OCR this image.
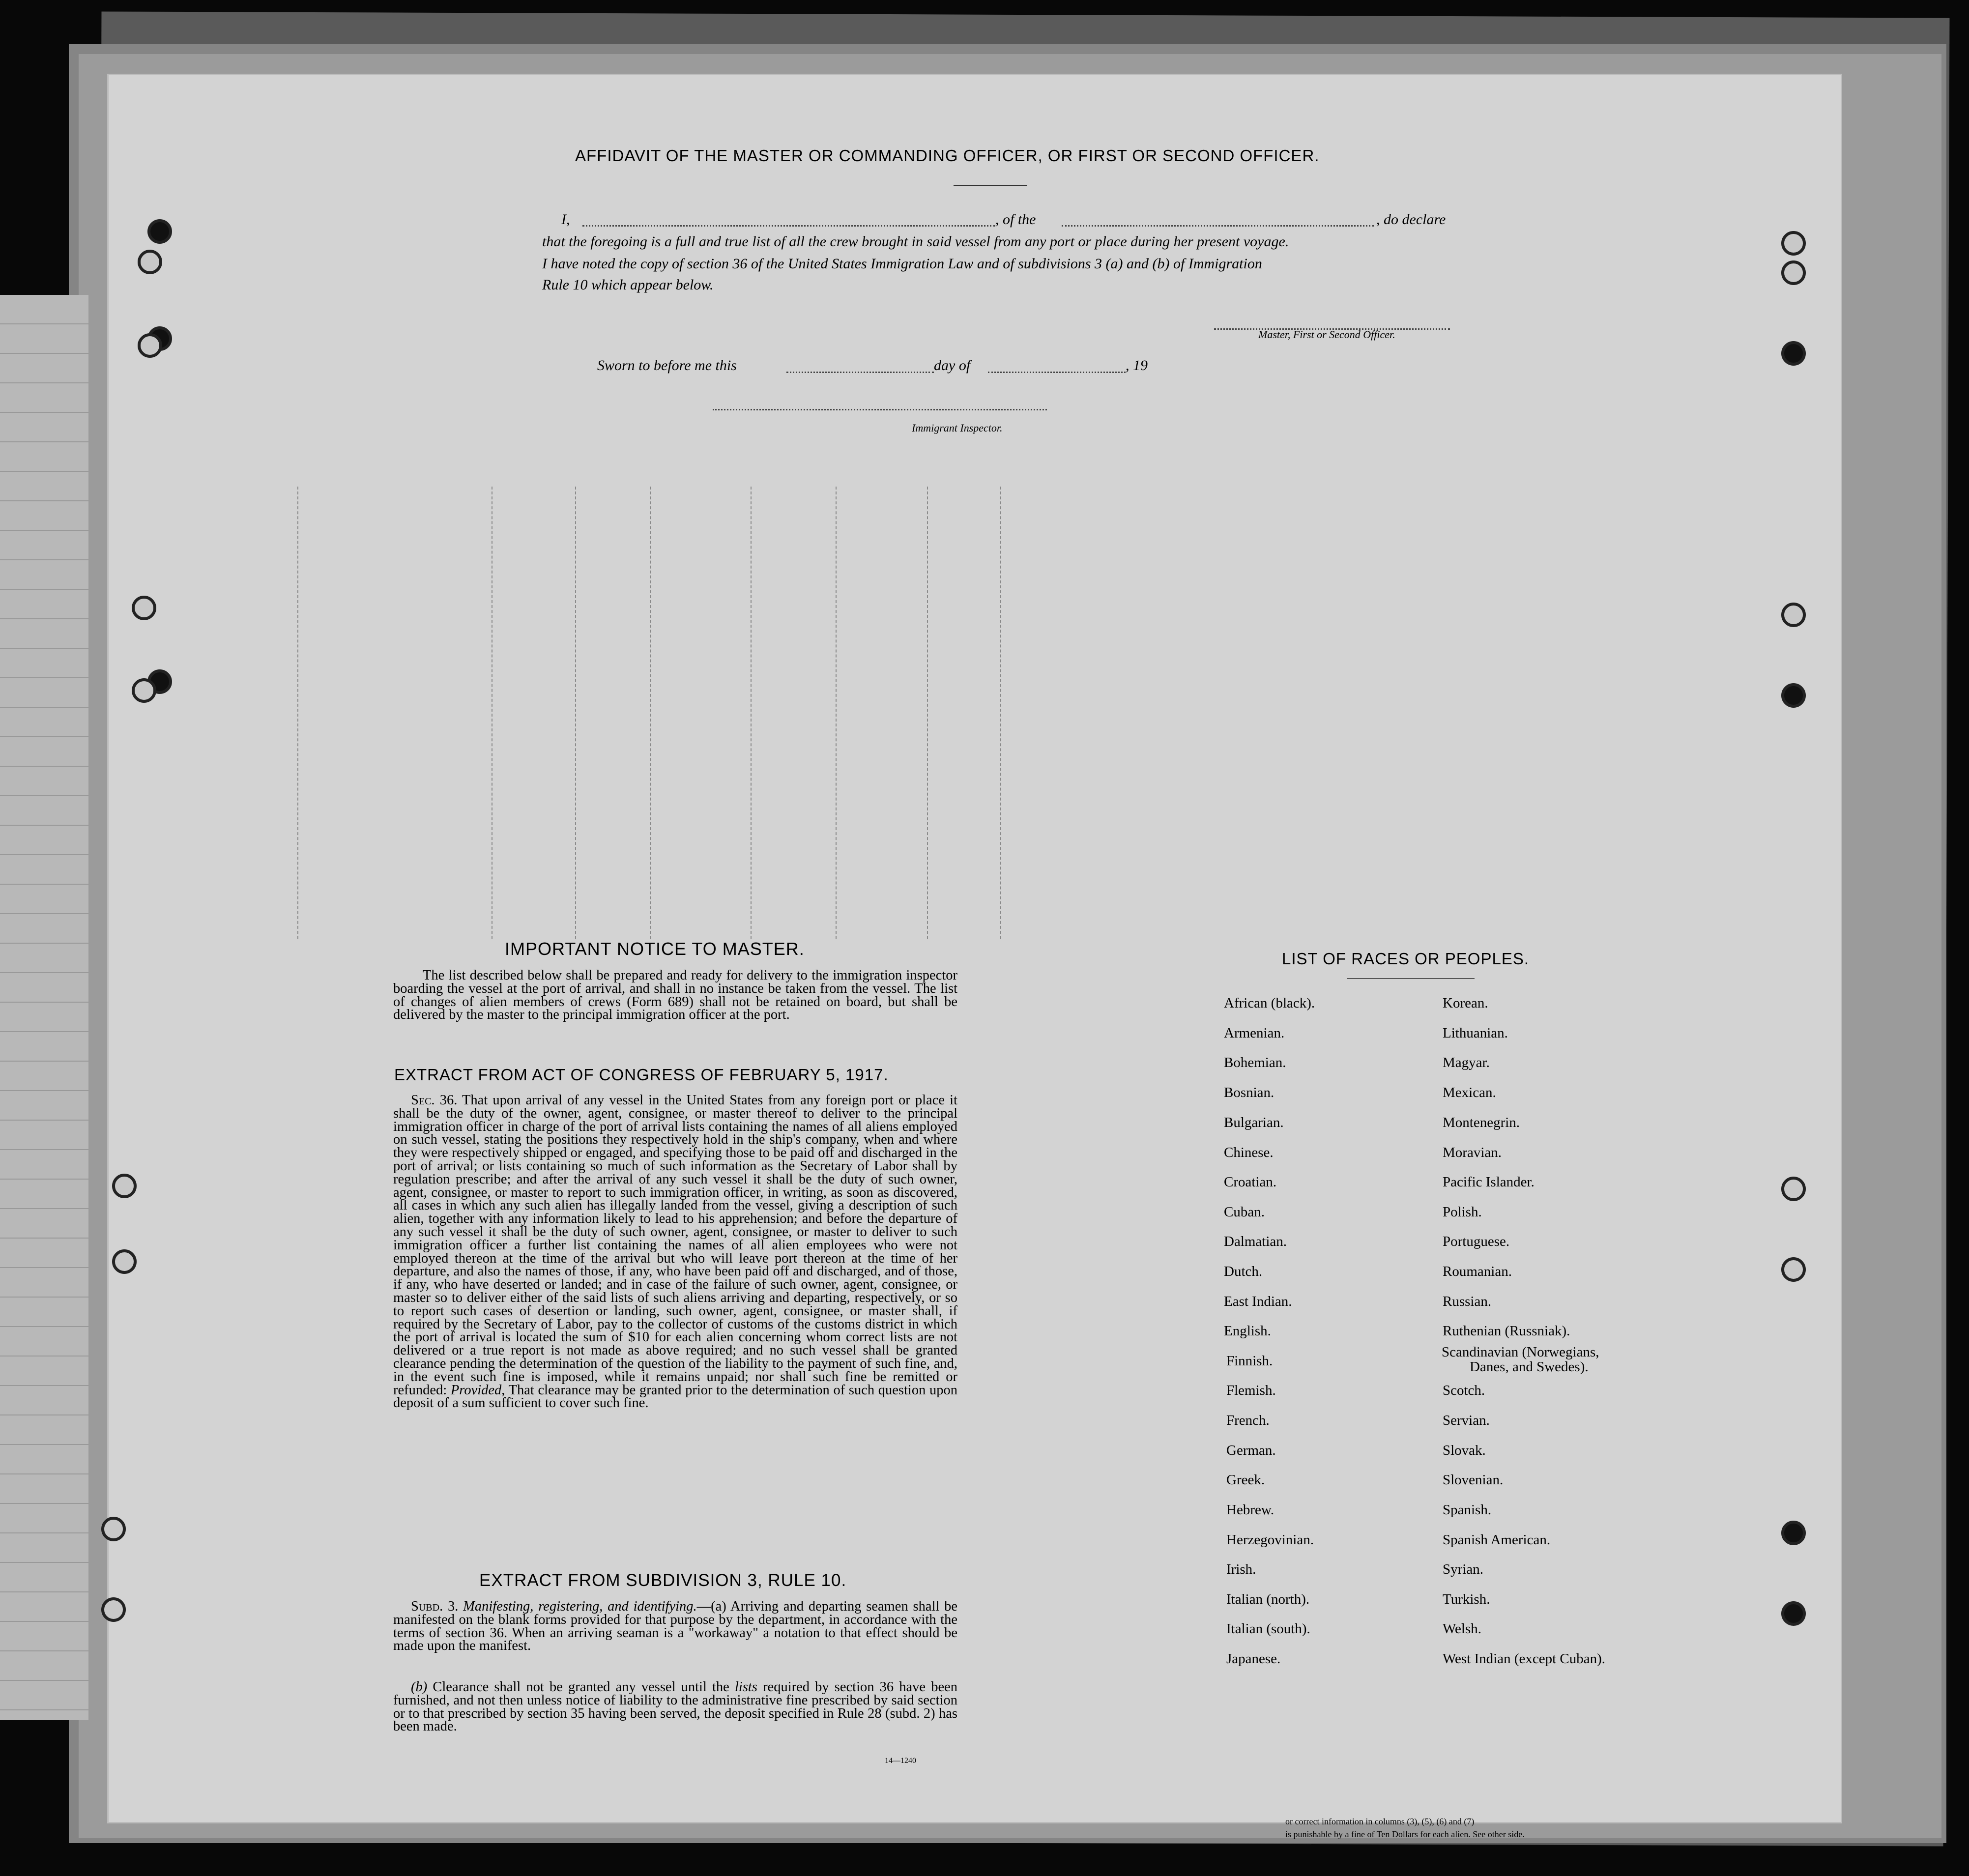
AFFIDAVIT OF THE MASTER OR COMMANDING OFFICER, OR FIRST OR SECOND OFFICER.
I,	, of the	, do declare
that the foregoing is a full and true list of all the crew brought in said vessel from any port or place during her present voyage.
I have noted the copy of section 36 of the United States Immigration Law and of subdivisions 3 (a) and (b) of Immigration
Rule 10 which appear below.
Master, First or Second Officer.
Sworn to before me this	day of	, 19
Immigrant Inspector.
IMPORTANT NOTICE TO MASTER.
The list described below shall be prepared and ready for delivery to the immigration inspector boarding the vessel at the port of arrival, and shall in no instance be taken from the vessel. The list of changes of alien members of crews (Form 689) shall not be retained on board, but shall be delivered by the master to the principal immigration officer at the port.
EXTRACT FROM ACT OF CONGRESS OF FEBRUARY 5, 1917.
Sec. 36. That upon arrival of any vessel in the United States from any foreign port or place it shall be the duty of the owner, agent, consignee, or master thereof to deliver to the principal immigration officer in charge of the port of arrival lists containing the names of all aliens employed on such vessel, stating the positions they respectively hold in the ship's company, when and where they were respectively shipped or engaged, and specifying those to be paid off and discharged in the port of arrival; or lists containing so much of such information as the Secretary of Labor shall by regulation prescribe; and after the arrival of any such vessel it shall be the duty of such owner, agent, consignee, or master to report to such immigration officer, in writing, as soon as discovered, all cases in which any such alien has illegally landed from the vessel, giving a description of such alien, together with any information likely to lead to his apprehension; and before the departure of any such vessel it shall be the duty of such owner, agent, consignee, or master to deliver to such immigration officer a further list containing the names of all alien employees who were not employed thereon at the time of the arrival but who will leave port thereon at the time of her departure, and also the names of those, if any, who have been paid off and discharged, and of those, if any, who have deserted or landed; and in case of the failure of such owner, agent, consignee, or master so to deliver either of the said lists of such aliens arriving and departing, respectively, or so to report such cases of desertion or landing, such owner, agent, consignee, or master shall, if required by the Secretary of Labor, pay to the collector of customs of the customs district in which the port of arrival is located the sum of $10 for each alien concerning whom correct lists are not delivered or a true report is not made as above required; and no such vessel shall be granted clearance pending the determination of the question of the liability to the payment of such fine, and, in the event such fine is imposed, while it remains unpaid; nor shall such fine be remitted or refunded: Provided, That clearance may be granted prior to the determination of such question upon deposit of a sum sufficient to cover such fine.
EXTRACT FROM SUBDIVISION 3, RULE 10.
Subd. 3. Manifesting, registering, and identifying.—(a) Arriving and departing seamen shall be manifested on the blank forms provided for that purpose by the department, in accordance with the terms of section 36. When an arriving seaman is a "workaway" a notation to that effect should be made upon the manifest.
(b) Clearance shall not be granted any vessel until the lists required by section 36 have been furnished, and not then unless notice of liability to the administrative fine prescribed by said section or to that prescribed by section 35 having been served, the deposit specified in Rule 28 (subd. 2) has been made.
14—1240
LIST OF RACES OR PEOPLES.
African (black).
Armenian.
Bohemian.
Bosnian.
Bulgarian.
Chinese.
Croatian.
Cuban.
Dalmatian.
Dutch.
East Indian.
English.
Finnish.
Flemish.
French.
German.
Greek.
Hebrew.
Herzegovinian.
Irish.
Italian (north).
Italian (south).
Japanese.
Korean.
Lithuanian.
Magyar.
Mexican.
Montenegrin.
Moravian.
Pacific Islander.
Polish.
Portuguese.
Roumanian.
Russian.
Ruthenian (Russniak).
Scandinavian (Norwegians,
Scotch.
Servian.
Slovak.
Slovenian.
Spanish.
Spanish American.
Syrian.
Turkish.
Welsh.
West Indian (except Cuban).
Danes, and Swedes).
or correct information in columns (3), (5), (6) and (7)
is punishable by a fine of Ten Dollars for each alien. See other side.
